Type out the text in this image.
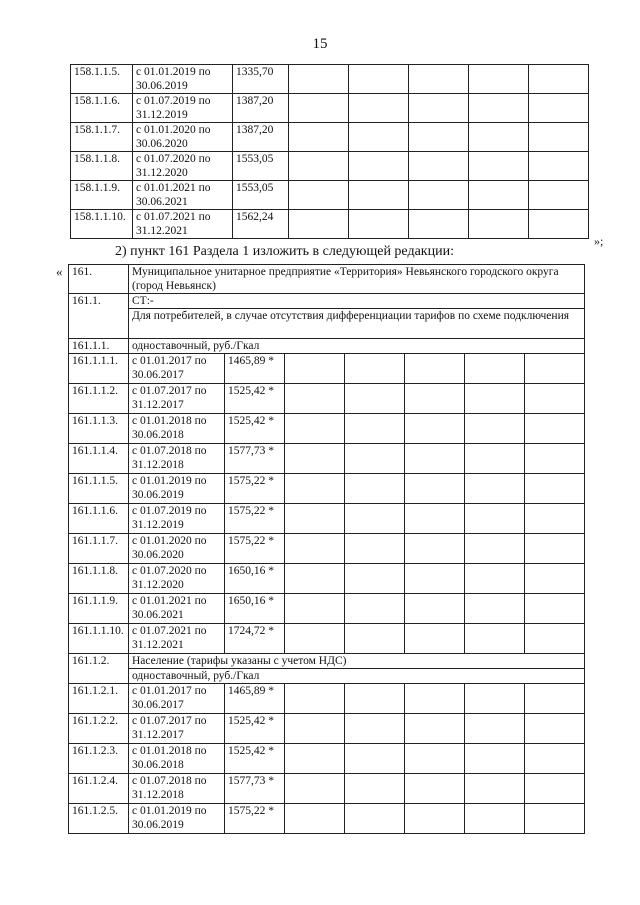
15
158.1.1.5.	с 01.01.2019 по 30.06.2019	1335,70					
158.1.1.6.	с 01.07.2019 по 31.12.2019	1387,20					
158.1.1.7.	с 01.01.2020 по 30.06.2020	1387,20					
158.1.1.8.	с 01.07.2020 по 31.12.2020	1553,05					
158.1.1.9.	с 01.01.2021 по 30.06.2021	1553,05					
158.1.1.10.	с 01.07.2021 по 31.12.2021	1562,24					
»;
2) пункт 161 Раздела 1 изложить в следующей редакции:
« 161.	Муниципальное унитарное предприятие «Территория» Невьянского городского округа (город Невьянск)						
161.1.	СТ:-						
	Для потребителей, в случае отсутствия дифференциации тарифов по схеме подключения						
161.1.1.	одноставочный, руб./Гкал						
161.1.1.1.	с 01.01.2017 по 30.06.2017	1465,89 *					
161.1.1.2.	с 01.07.2017 по 31.12.2017	1525,42 *					
161.1.1.3.	с 01.01.2018 по 30.06.2018	1525,42 *					
161.1.1.4.	с 01.07.2018 по 31.12.2018	1577,73 *					
161.1.1.5.	с 01.01.2019 по 30.06.2019	1575,22 *					
161.1.1.6.	с 01.07.2019 по 31.12.2019	1575,22 *					
161.1.1.7.	с 01.01.2020 по 30.06.2020	1575,22 *					
161.1.1.8.	с 01.07.2020 по 31.12.2020	1650,16 *					
161.1.1.9.	с 01.01.2021 по 30.06.2021	1650,16 *					
161.1.1.10.	с 01.07.2021 по 31.12.2021	1724,72 *					
161.1.2.	Население (тарифы указаны с учетом НДС)						
	одноставочный, руб./Гкал						
161.1.2.1.	с 01.01.2017 по 30.06.2017	1465,89 *					
161.1.2.2.	с 01.07.2017 по 31.12.2017	1525,42 *					
161.1.2.3.	с 01.01.2018 по 30.06.2018	1525,42 *					
161.1.2.4.	с 01.07.2018 по 31.12.2018	1577,73 *					
161.1.2.5.	с 01.01.2019 по 30.06.2019	1575,22 *					
